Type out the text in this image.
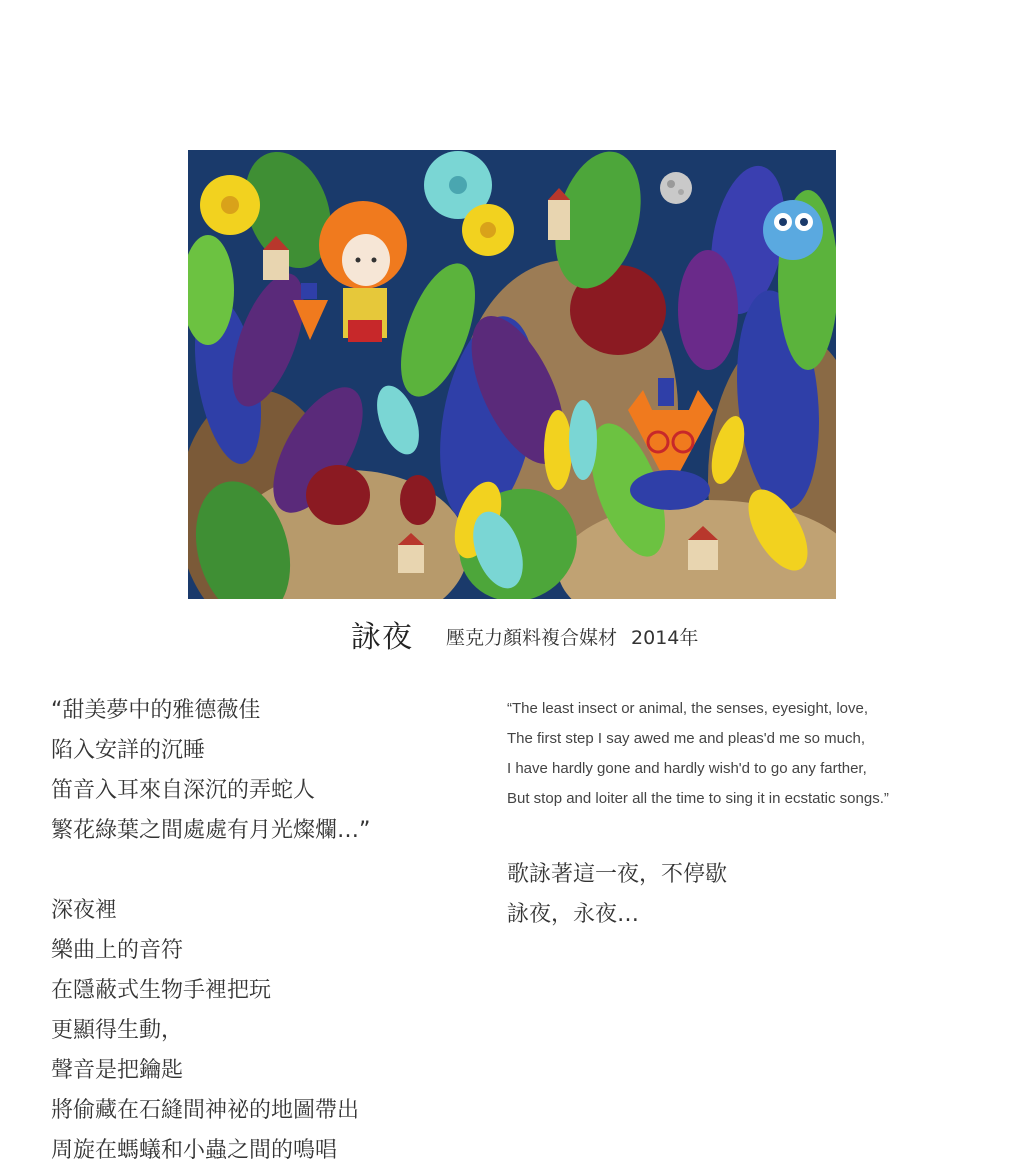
詠夜 壓克力顏料複合媒材 2014年
“甜美夢中的雅德薇佳
陷入安詳的沉睡
笛音入耳來自深沉的弄蛇人
繁花綠葉之間處處有月光燦爛…”
深夜裡
樂曲上的音符
在隱蔽式生物手裡把玩
更顯得生動，
聲音是把鑰匙
將偷藏在石縫間神祕的地圖帶出
周旋在螞蟻和小蟲之間的鳴唱
“The least insect or animal, the senses, eyesight, love,
The first step I say awed me and pleas'd me so much,
I have hardly gone and hardly wish'd to go any farther,
But stop and loiter all the time to sing it in ecstatic songs.”
歌詠著這一夜，不停歇
詠夜，永夜…
